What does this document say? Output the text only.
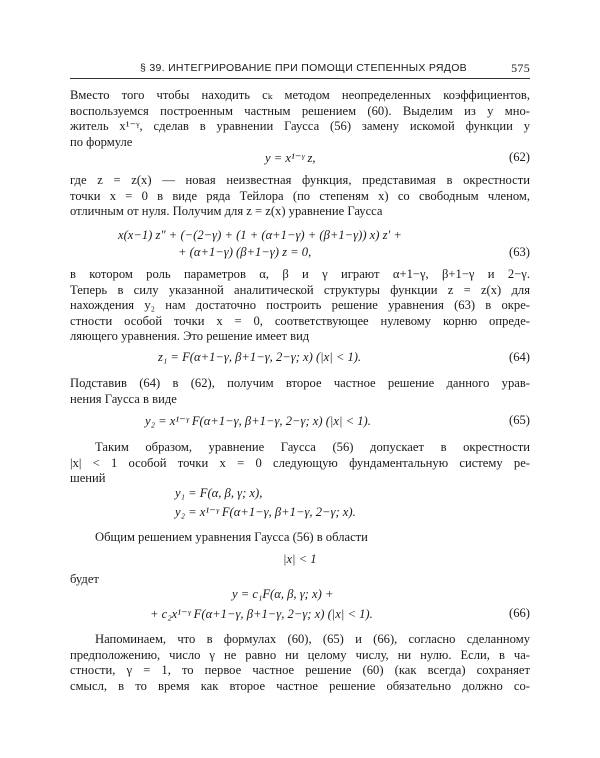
§ 39. ИНТЕГРИРОВАНИЕ ПРИ ПОМОЩИ СТЕПЕННЫХ РЯДОВ	575
Вместо того чтобы находить cₖ методом неопределенных коэффициентов,
воспользуемся построенным частным решением (60). Выделим из y мно-
житель x¹⁻ᵞ, сделав в уравнении Гаусса (56) замену искомой функции y
по формуле
y = x¹⁻ᵞ z,	(62)
где z = z(x) — новая неизвестная функция, представимая в окрестности
точки x = 0 в виде ряда Тейлора (по степеням x) со свободным членом,
отличным от нуля. Получим для z = z(x) уравнение Гаусса
x(x−1) z″ + (−(2−γ) + (1 + (α+1−γ) + (β+1−γ)) x) z′ +
+ (α+1−γ) (β+1−γ) z = 0,	(63)
в котором роль параметров α, β и γ играют α+1−γ, β+1−γ и 2−γ.
Теперь в силу указанной аналитической структуры функции z = z(x) для
нахождения y₂ нам достаточно построить решение уравнения (63) в окре-
стности особой точки x = 0, соответствующее нулевому корню опреде-
ляющего уравнения. Это решение имеет вид
z₁ = F(α+1−γ, β+1−γ, 2−γ; x) (|x| < 1).	(64)
Подставив (64) в (62), получим второе частное решение данного урав-
нения Гаусса в виде
y₂ = x¹⁻ᵞ F(α+1−γ, β+1−γ, 2−γ; x) (|x| < 1).	(65)
Таким образом, уравнение Гаусса (56) допускает в окрестности
|x| < 1 особой точки x = 0 следующую фундаментальную систему ре-
шений
y₁ = F(α, β, γ; x),
y₂ = x¹⁻ᵞ F(α+1−γ, β+1−γ, 2−γ; x).

Общим решением уравнения Гаусса (56) в области

|x| < 1

будет

y = c₁F(α, β, γ; x) +
+ c₂x¹⁻ᵞ F(α+1−γ, β+1−γ, 2−γ; x) (|x| < 1).	(66)
Напоминаем, что в формулах (60), (65) и (66), согласно сделанному
предположению, число γ не равно ни целому числу, ни нулю. Если, в ча-
стности, γ = 1, то первое частное решение (60) (как всегда) сохраняет
смысл, в то время как второе частное решение обязательно должно со-
